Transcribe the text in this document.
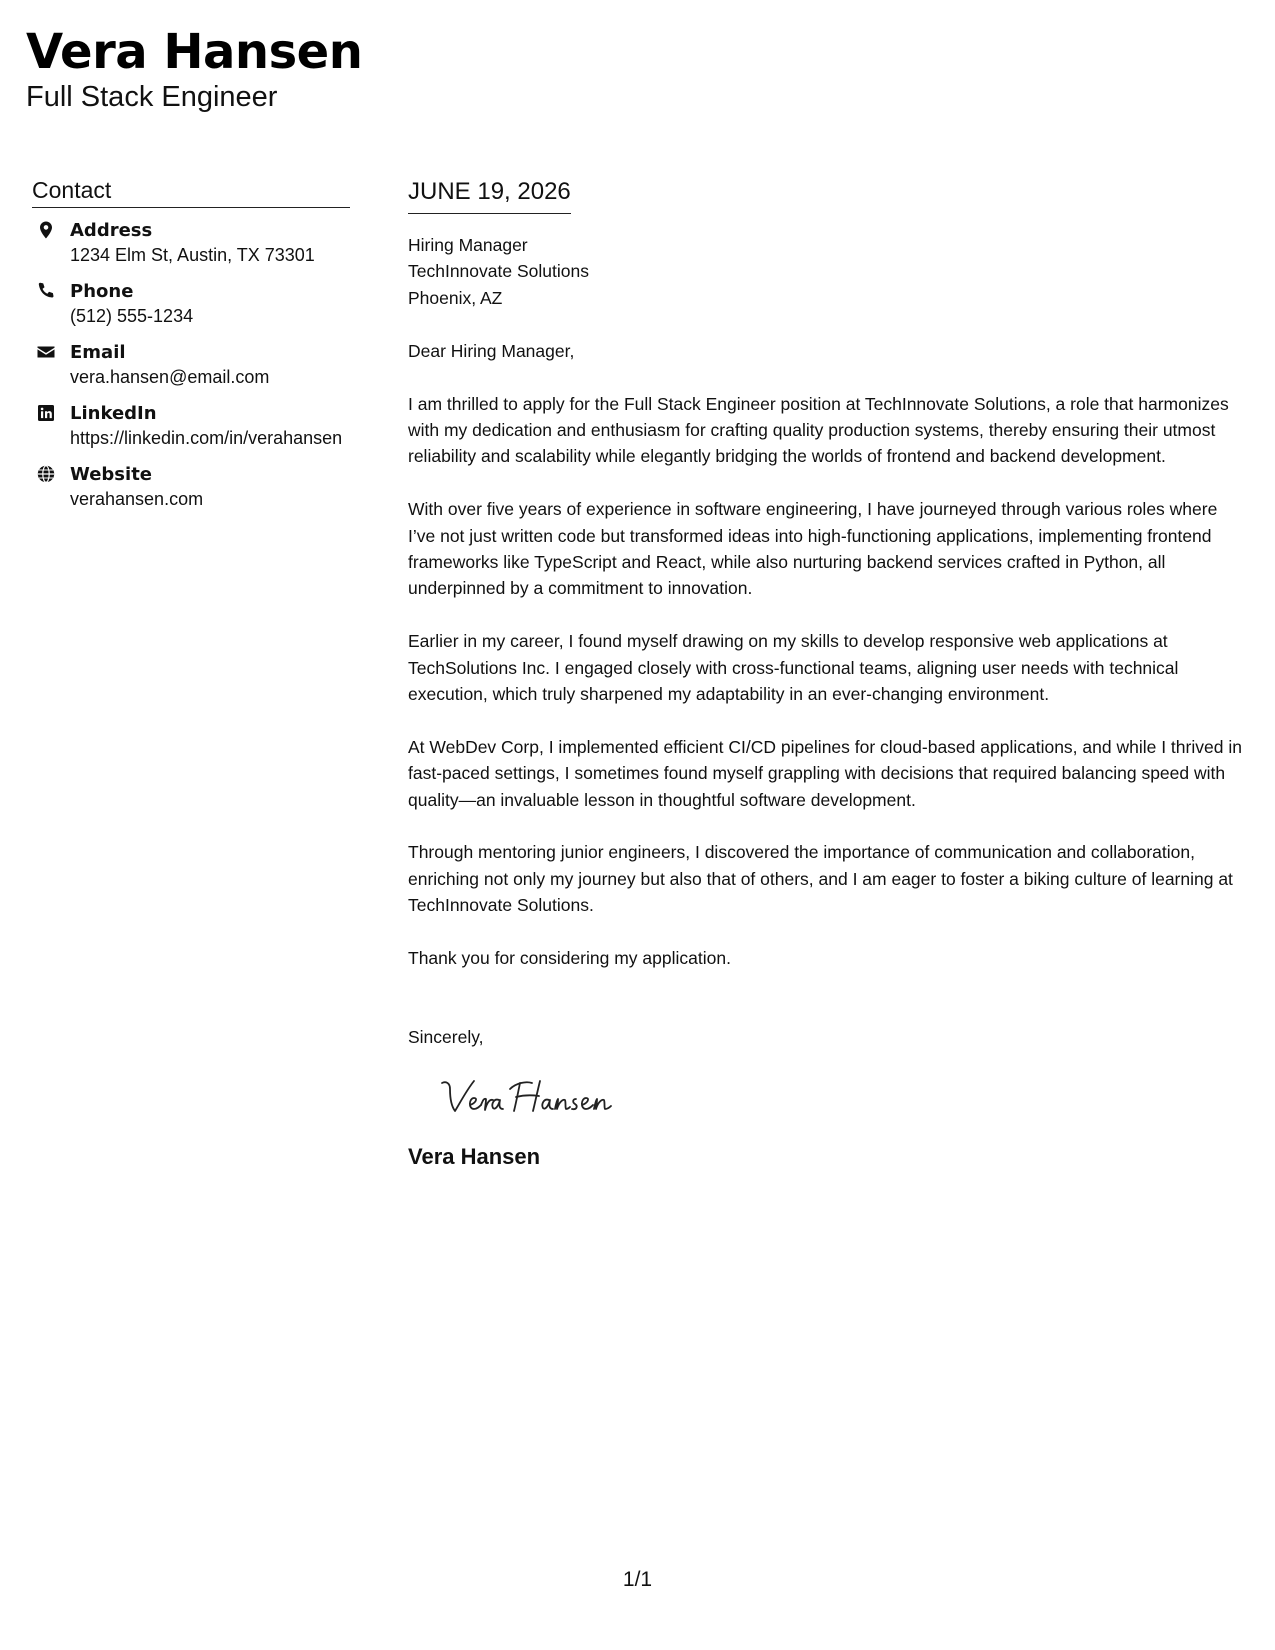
Vera Hansen
Full Stack Engineer
Contact
Address
1234 Elm St, Austin, TX 73301
Phone
(512) 555-1234
Email
vera.hansen@email.com
LinkedIn
https://linkedin.com/in/verahansen
Website
verahansen.com
JUNE 19, 2026
Hiring Manager
TechInnovate Solutions
Phoenix, AZ
Dear Hiring Manager,
I am thrilled to apply for the Full Stack Engineer position at TechInnovate Solutions, a role that harmonizes with my dedication and enthusiasm for crafting quality production systems, thereby ensuring their utmost reliability and scalability while elegantly bridging the worlds of frontend and backend development.
With over five years of experience in software engineering, I have journeyed through various roles where I’ve not just written code but transformed ideas into high-functioning applications, implementing frontend frameworks like TypeScript and React, while also nurturing backend services crafted in Python, all underpinned by a commitment to innovation.
Earlier in my career, I found myself drawing on my skills to develop responsive web applications at TechSolutions Inc. I engaged closely with cross-functional teams, aligning user needs with technical execution, which truly sharpened my adaptability in an ever-changing environment.
At WebDev Corp, I implemented efficient CI/CD pipelines for cloud-based applications, and while I thrived in fast-paced settings, I sometimes found myself grappling with decisions that required balancing speed with quality—an invaluable lesson in thoughtful software development.
Through mentoring junior engineers, I discovered the importance of communication and collaboration, enriching not only my journey but also that of others, and I am eager to foster a biking culture of learning at TechInnovate Solutions.
Thank you for considering my application.
Sincerely,
Vera Hansen
1/1
